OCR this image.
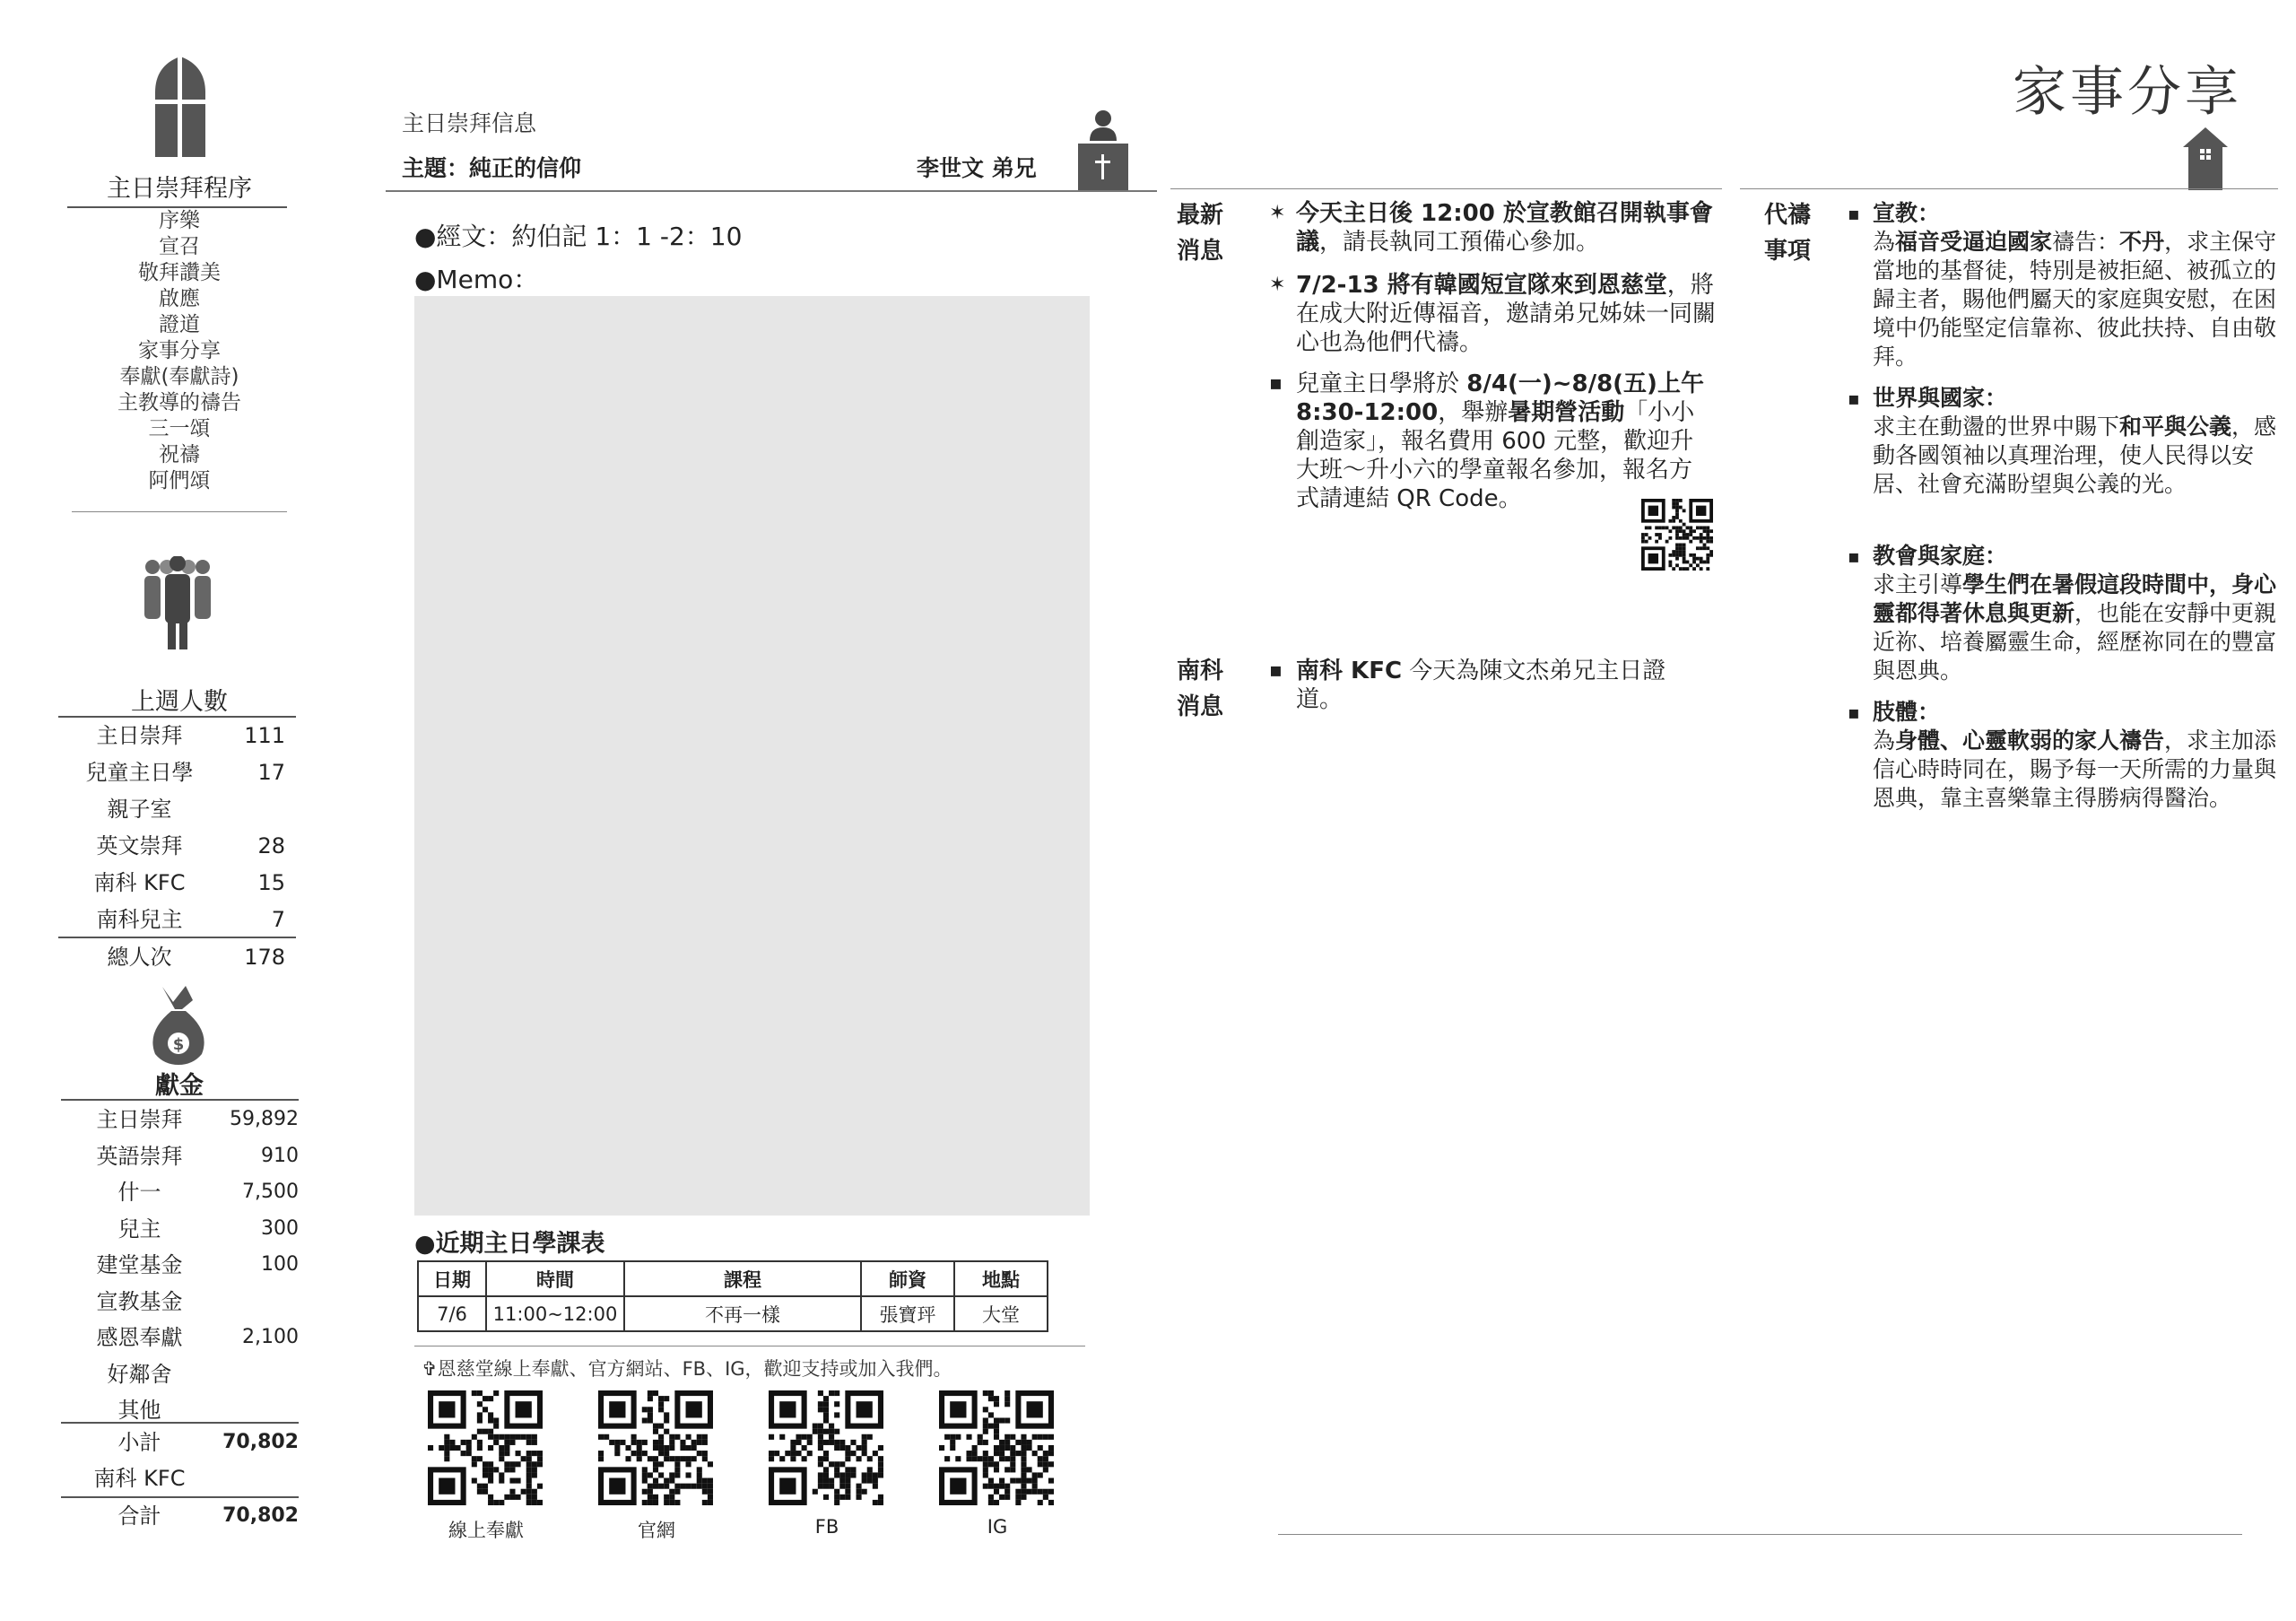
主日崇拜程序
序樂
宣召
敬拜讚美
啟應
證道
家事分享
奉獻(奉獻詩)
主教導的禱告
三一頌
祝禱
阿們頌
上週人數
主日崇拜	111
兒童主日學	17
親子室
英文崇拜	28
南科 KFC	15
南科兒主	7
總人次	178
$
獻金
主日崇拜	59,892
英語崇拜	910
什一	7,500
兒主	300
建堂基金	100
宣教基金
感恩奉獻	2,100
好鄰舍
其他
小計	70,802
南科 KFC
合計	70,802
主日崇拜信息
主題：純正的信仰	李世文 弟兄
●經文：約伯記 1：1 -2：10
●Memo：
●近期主日學課表
日期	時間	課程	師資	地點
7/6	11:00~12:00	不再一樣	張寶玶	大堂
✞恩慈堂線上奉獻、官方網站、FB、IG，歡迎支持或加入我們。
線上奉獻	官網	FB	IG
家事分享
最新
消息
✶ 今天主日後 12:00 於宣教館召開執事會議，請長執同工預備心參加。
✶ 7/2-13 將有韓國短宣隊來到恩慈堂，將在成大附近傳福音，邀請弟兄姊妹一同關心也為他們代禱。
▪ 兒童主日學將於 8/4(一)~8/8(五)上午8:30-12:00，舉辦暑期營活動「小小創造家」，報名費用 600 元整，歡迎升大班～升小六的學童報名參加，報名方式請連結 QR Code。
南科
消息
▪ 南科 KFC 今天為陳文杰弟兄主日證道。
代禱
事項
▪ 宣教：
為福音受逼迫國家禱告：不丹，求主保守當地的基督徒，特別是被拒絕、被孤立的歸主者，賜他們屬天的家庭與安慰，在困境中仍能堅定信靠祢、彼此扶持、自由敬拜。
▪ 世界與國家：
求主在動盪的世界中賜下和平與公義，感動各國領袖以真理治理，使人民得以安居、社會充滿盼望與公義的光。
▪ 教會與家庭：
求主引導學生們在暑假這段時間中，身心靈都得著休息與更新，也能在安靜中更親近祢、培養屬靈生命，經歷祢同在的豐富與恩典。
▪ 肢體：
為身體、心靈軟弱的家人禱告，求主加添信心時時同在，賜予每一天所需的力量與恩典，靠主喜樂靠主得勝病得醫治。
